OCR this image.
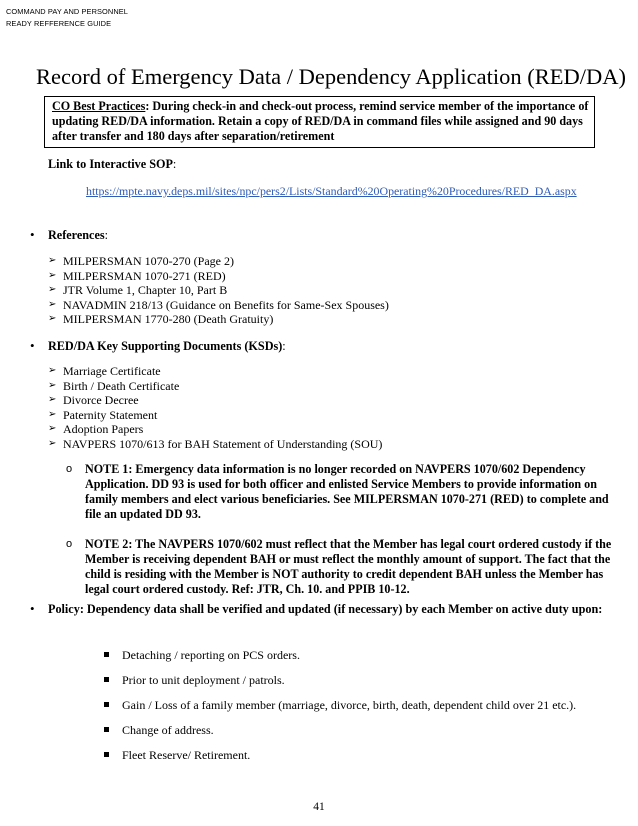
COMMAND PAY AND PERSONNEL
READY REFFERENCE GUIDE
Record of Emergency Data / Dependency Application (RED/DA)
CO Best Practices: During check-in and check-out process, remind service member of the importance of updating RED/DA information. Retain a copy of RED/DA in command files while assigned and 90 days after transfer and 180 days after separation/retirement
Link to Interactive SOP:
https://mpte.navy.deps.mil/sites/npc/pers2/Lists/Standard%20Operating%20Procedures/RED_DA.aspx
• References:
➢ MILPERSMAN 1070-270 (Page 2)
➢ MILPERSMAN 1070-271 (RED)
➢ JTR Volume 1, Chapter 10, Part B
➢ NAVADMIN 218/13 (Guidance on Benefits for Same-Sex Spouses)
➢ MILPERSMAN 1770-280 (Death Gratuity)
• RED/DA Key Supporting Documents (KSDs):
➢ Marriage Certificate
➢ Birth / Death Certificate
➢ Divorce Decree
➢ Paternity Statement
➢ Adoption Papers
➢ NAVPERS 1070/613 for BAH Statement of Understanding (SOU)
o NOTE 1: Emergency data information is no longer recorded on NAVPERS 1070/602 Dependency Application. DD 93 is used for both officer and enlisted Service Members to provide information on family members and elect various beneficiaries. See MILPERSMAN 1070-271 (RED) to complete and file an updated DD 93.
o NOTE 2: The NAVPERS 1070/602 must reflect that the Member has legal court ordered custody if the Member is receiving dependent BAH or must reflect the monthly amount of support. The fact that the child is residing with the Member is NOT authority to credit dependent BAH unless the Member has legal court ordered custody. Ref: JTR, Ch. 10. and PPIB 10-12.
• Policy: Dependency data shall be verified and updated (if necessary) by each Member on active duty upon:
Detaching / reporting on PCS orders.
Prior to unit deployment / patrols.
Gain / Loss of a family member (marriage, divorce, birth, death, dependent child over 21 etc.).
Change of address.
Fleet Reserve/ Retirement.
41
